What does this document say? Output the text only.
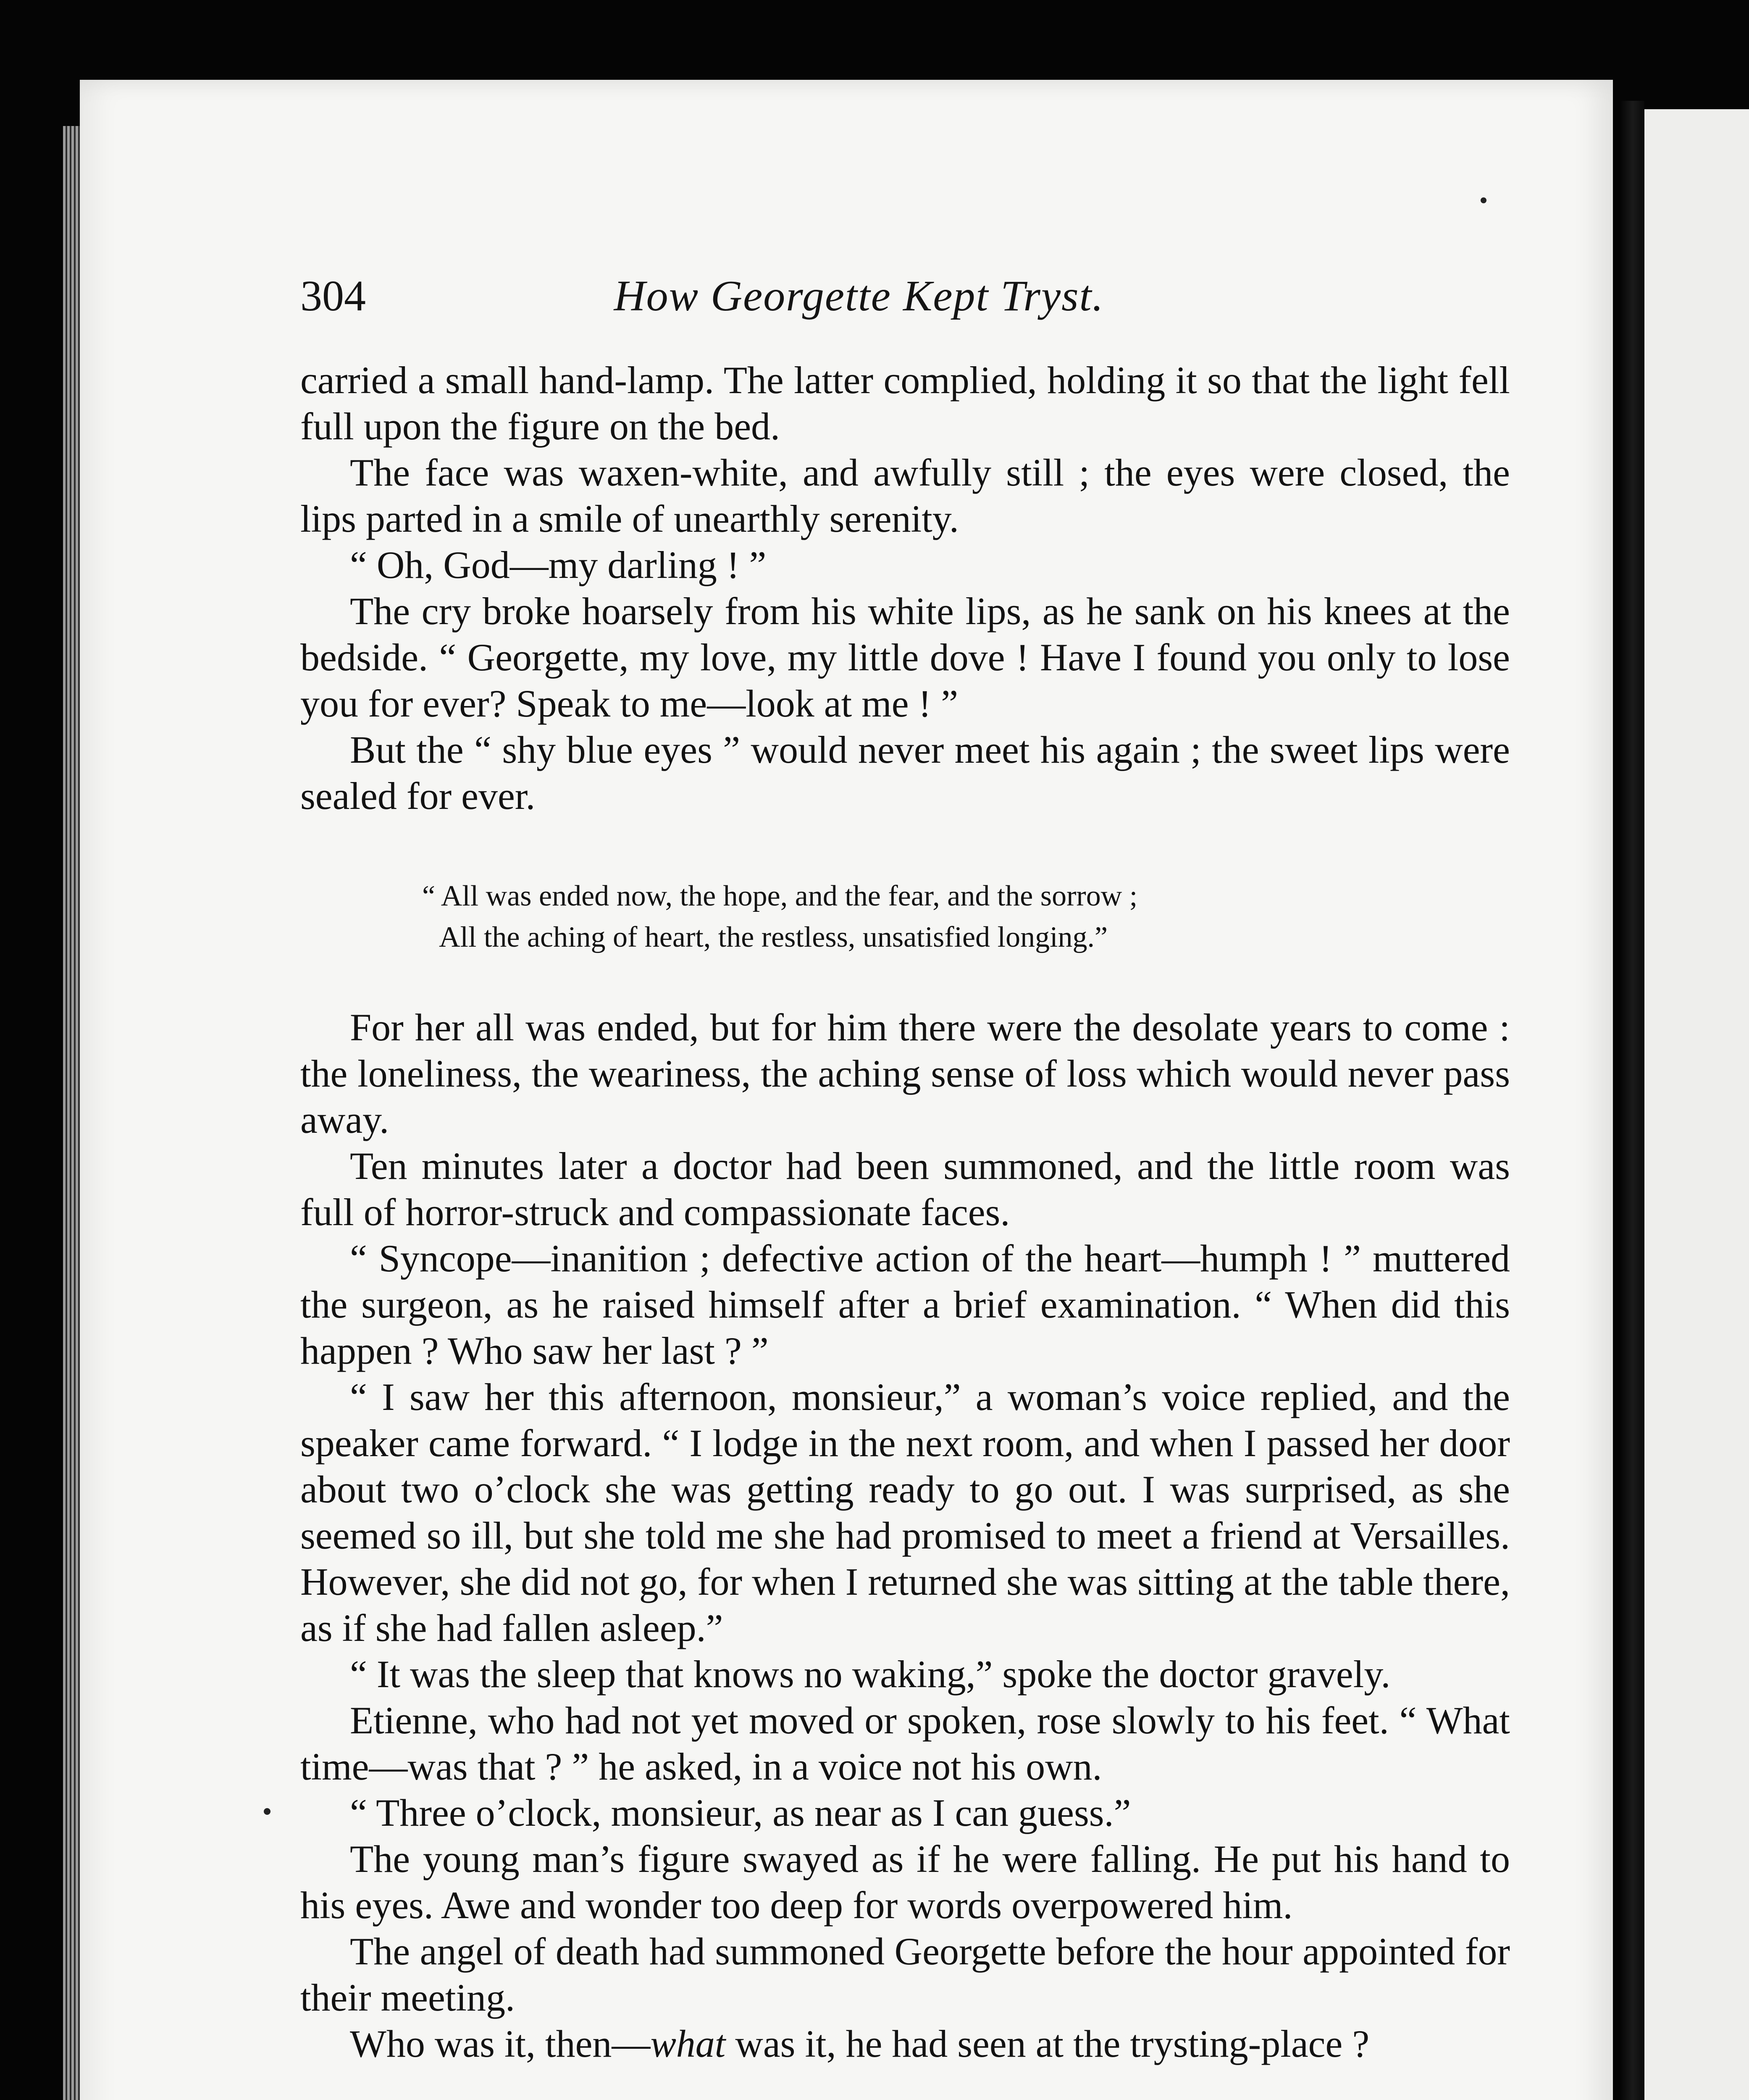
304	How Georgette Kept Tryst.

carried a small hand-lamp. The latter complied, holding it so that the light fell full upon the figure on the bed.

The face was waxen-white, and awfully still ; the eyes were closed, the lips parted in a smile of unearthly serenity.

“ Oh, God—my darling ! ”

The cry broke hoarsely from his white lips, as he sank on his knees at the bedside. “ Georgette, my love, my little dove ! Have I found you only to lose you for ever? Speak to me—look at me ! ”

But the “ shy blue eyes ” would never meet his again ; the sweet lips were sealed for ever.

“ All was ended now, the hope, and the fear, and the sorrow ;
All the aching of heart, the restless, unsatisfied longing.”

For her all was ended, but for him there were the desolate years to come : the loneliness, the weariness, the aching sense of loss which would never pass away.

Ten minutes later a doctor had been summoned, and the little room was full of horror-struck and compassionate faces.

“ Syncope—inanition ; defective action of the heart—humph ! ” muttered the surgeon, as he raised himself after a brief examination. “ When did this happen ? Who saw her last ? ”

“ I saw her this afternoon, monsieur,” a woman’s voice replied, and the speaker came forward. “ I lodge in the next room, and when I passed her door about two o’clock she was getting ready to go out. I was surprised, as she seemed so ill, but she told me she had promised to meet a friend at Versailles. However, she did not go, for when I returned she was sitting at the table there, as if she had fallen asleep.”

“ It was the sleep that knows no waking,” spoke the doctor gravely.

Etienne, who had not yet moved or spoken, rose slowly to his feet. “ What time—was that ? ” he asked, in a voice not his own.

“ Three o’clock, monsieur, as near as I can guess.”

The young man’s figure swayed as if he were falling. He put his hand to his eyes. Awe and wonder too deep for words overpowered him.

The angel of death had summoned Georgette before the hour appointed for their meeting.

Who was it, then—what was it, he had seen at the trysting-place ?
